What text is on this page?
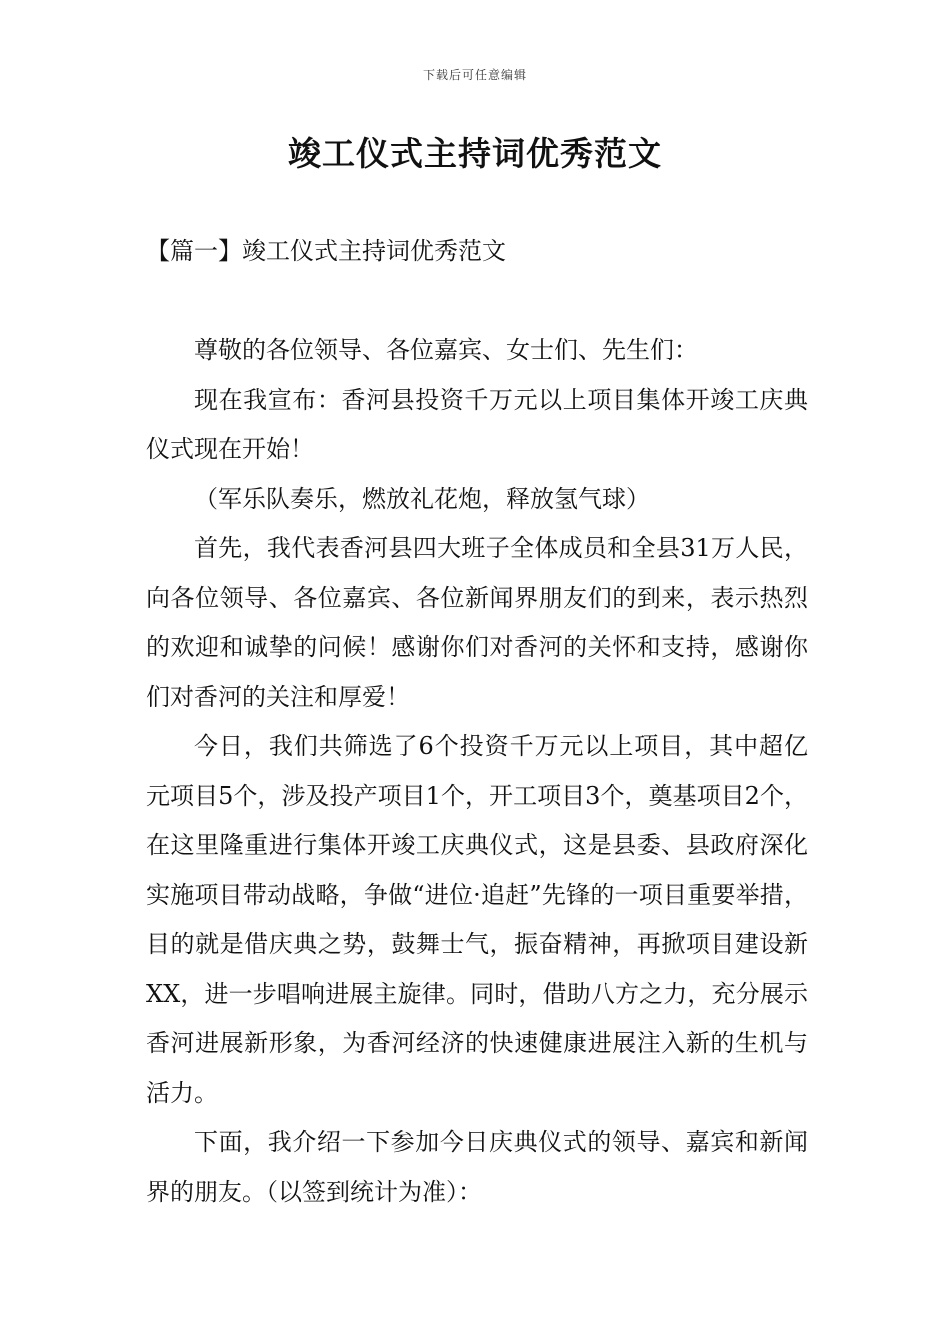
下载后可任意编辑
竣工仪式主持词优秀范文
【篇一】竣工仪式主持词优秀范文

尊敬的各位领导、各位嘉宾、女士们、先生们：

现在我宣布：香河县投资千万元以上项目集体开竣工庆典仪式现在开始！

（军乐队奏乐，燃放礼花炮，释放氢气球）

首先，我代表香河县四大班子全体成员和全县31万人民，向各位领导、各位嘉宾、各位新闻界朋友们的到来，表示热烈的欢迎和诚挚的问候！感谢你们对香河的关怀和支持，感谢你们对香河的关注和厚爱！

今日，我们共筛选了6个投资千万元以上项目，其中超亿元项目5个，涉及投产项目1个，开工项目3个，奠基项目2个，在这里隆重进行集体开竣工庆典仪式，这是县委、县政府深化实施项目带动战略，争做“进位·追赶”先锋的一项目重要举措，目的就是借庆典之势，鼓舞士气，振奋精神，再掀项目建设新XX，进一步唱响进展主旋律。同时，借助八方之力，充分展示香河进展新形象，为香河经济的快速健康进展注入新的生机与活力。

下面，我介绍一下参加今日庆典仪式的领导、嘉宾和新闻界的朋友。（以签到统计为准）：
